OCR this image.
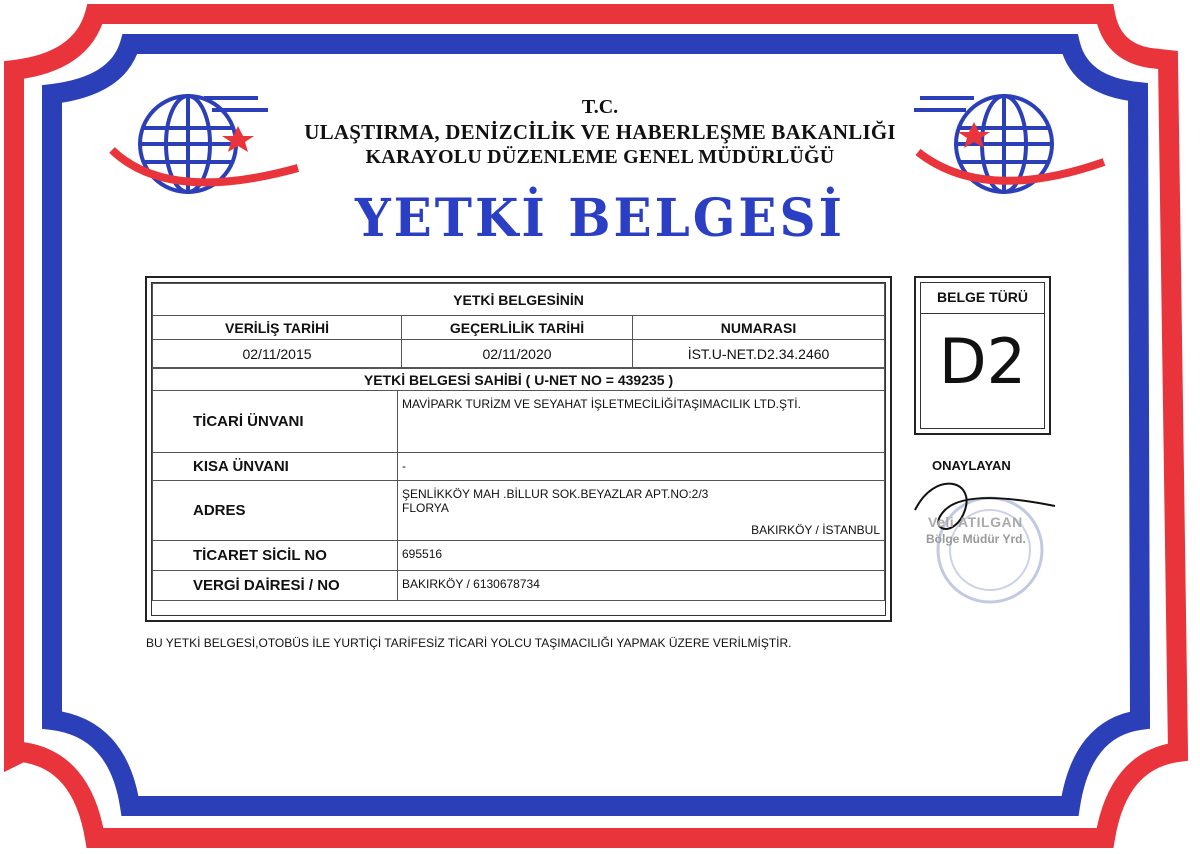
T.C.
ULAŞTIRMA, DENİZCİLİK VE HABERLEŞME BAKANLIĞI
KARAYOLU DÜZENLEME GENEL MÜDÜRLÜĞÜ
YETKİ BELGESİ
YETKİ BELGESİNİN		
VERİLİŞ TARİHİ	GEÇERLİLİK TARİHİ	NUMARASI
02/11/2015	02/11/2020	İST.U-NET.D2.34.2460
YETKİ BELGESİ SAHİBİ ( U-NET NO = 439235 )	
TİCARİ ÜNVANI	MAVİPARK TURİZM VE SEYAHAT İŞLETMECİLİĞİTAŞIMACILIK LTD.ŞTİ.
KISA ÜNVANI	-
ADRES	ŞENLİKKÖY MAH .BİLLUR SOK.BEYAZLAR APT.NO:2/3
FLORYA
BAKIRKÖY / İSTANBUL

TİCARET SİCİL NO	695516
VERGİ DAİRESİ / NO	BAKIRKÖY / 6130678734
BELGE TÜRÜ
D2
ONAYLAYAN
Veli ATILGAN
Bölge Müdür Yrd.
BU YETKİ BELGESİ,OTOBÜS İLE YURTİÇİ TARİFESİZ TİCARİ YOLCU TAŞIMACILIĞI YAPMAK ÜZERE VERİLMİŞTİR.
